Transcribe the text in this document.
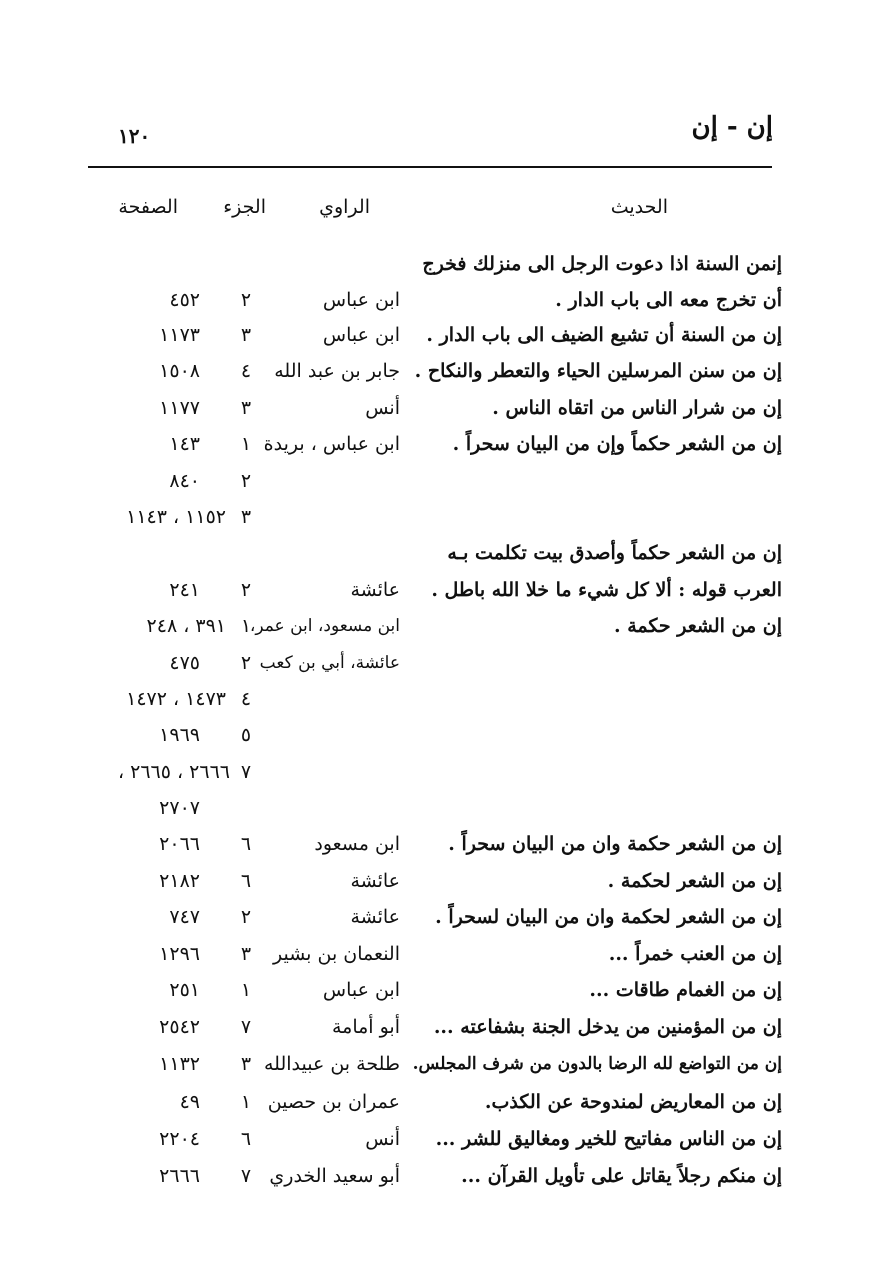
إن - إن
١٢٠
الحديث
الراوي
الجزء
الصفحة
إنمن السنة اذا دعوت الرجل الى منزلك فخرج
أن تخرج معه الى باب الدار .
إن من السنة أن تشيع الضيف الى باب الدار .
إن من سنن المرسلين الحياء والتعطر والنكاح .
إن من شرار الناس من اتقاه الناس .
إن من الشعر حكماً وإن من البيان سحراً .
إن من الشعر حكماً وأصدق بيت تكلمت بـه
العرب قوله : ألا كل شيء ما خلا الله باطل .
إن من الشعر حكمة .
إن من الشعر حكمة وان من البيان سحراً .
إن من الشعر لحكمة .
إن من الشعر لحكمة وان من البيان لسحراً .
إن من العنب خمراً ...
إن من الغمام طاقات ...
إن من المؤمنين من يدخل الجنة بشفاعته ...
إن من التواضع لله الرضا بالدون من شرف المجلس.
إن من المعاريض لمندوحة عن الكذب.
إن من الناس مفاتيح للخير ومغاليق للشر ...
إن منكم رجلاً يقاتل على تأويل القرآن ...
ابن عباس
ابن عباس
جابر بن عبد الله
أنس
ابن عباس ، بريدة
عائشة
ابن مسعود، ابن عمر،
عائشة، أبي بن كعب
ابن مسعود
عائشة
عائشة
النعمان بن بشير
ابن عباس
أبو أمامة
طلحة بن عبيدالله
عمران بن حصين
أنس
أبو سعيد الخدري
٢
٣
٤
٣
١
٢
٣
٢
١
٢
٤
٥
٧
٦
٦
٢
٣
١
٧
٣
١
٦
٧
٤٥٢
١١٧٣
١٥٠٨
١١٧٧
١٤٣
٨٤٠
١١٥٢ ، ١١٤٣
٢٤١
٣٩١ ، ٢٤٨
٤٧٥
١٤٧٣ ، ١٤٧٢
١٩٦٩
٢٦٦٦ ، ٢٦٦٥ ،
٢٧٠٧
٢٠٦٦
٢١٨٢
٧٤٧
١٢٩٦
٢٥١
٢٥٤٢
١١٣٢
٤٩
٢٢٠٤
٢٦٦٦
